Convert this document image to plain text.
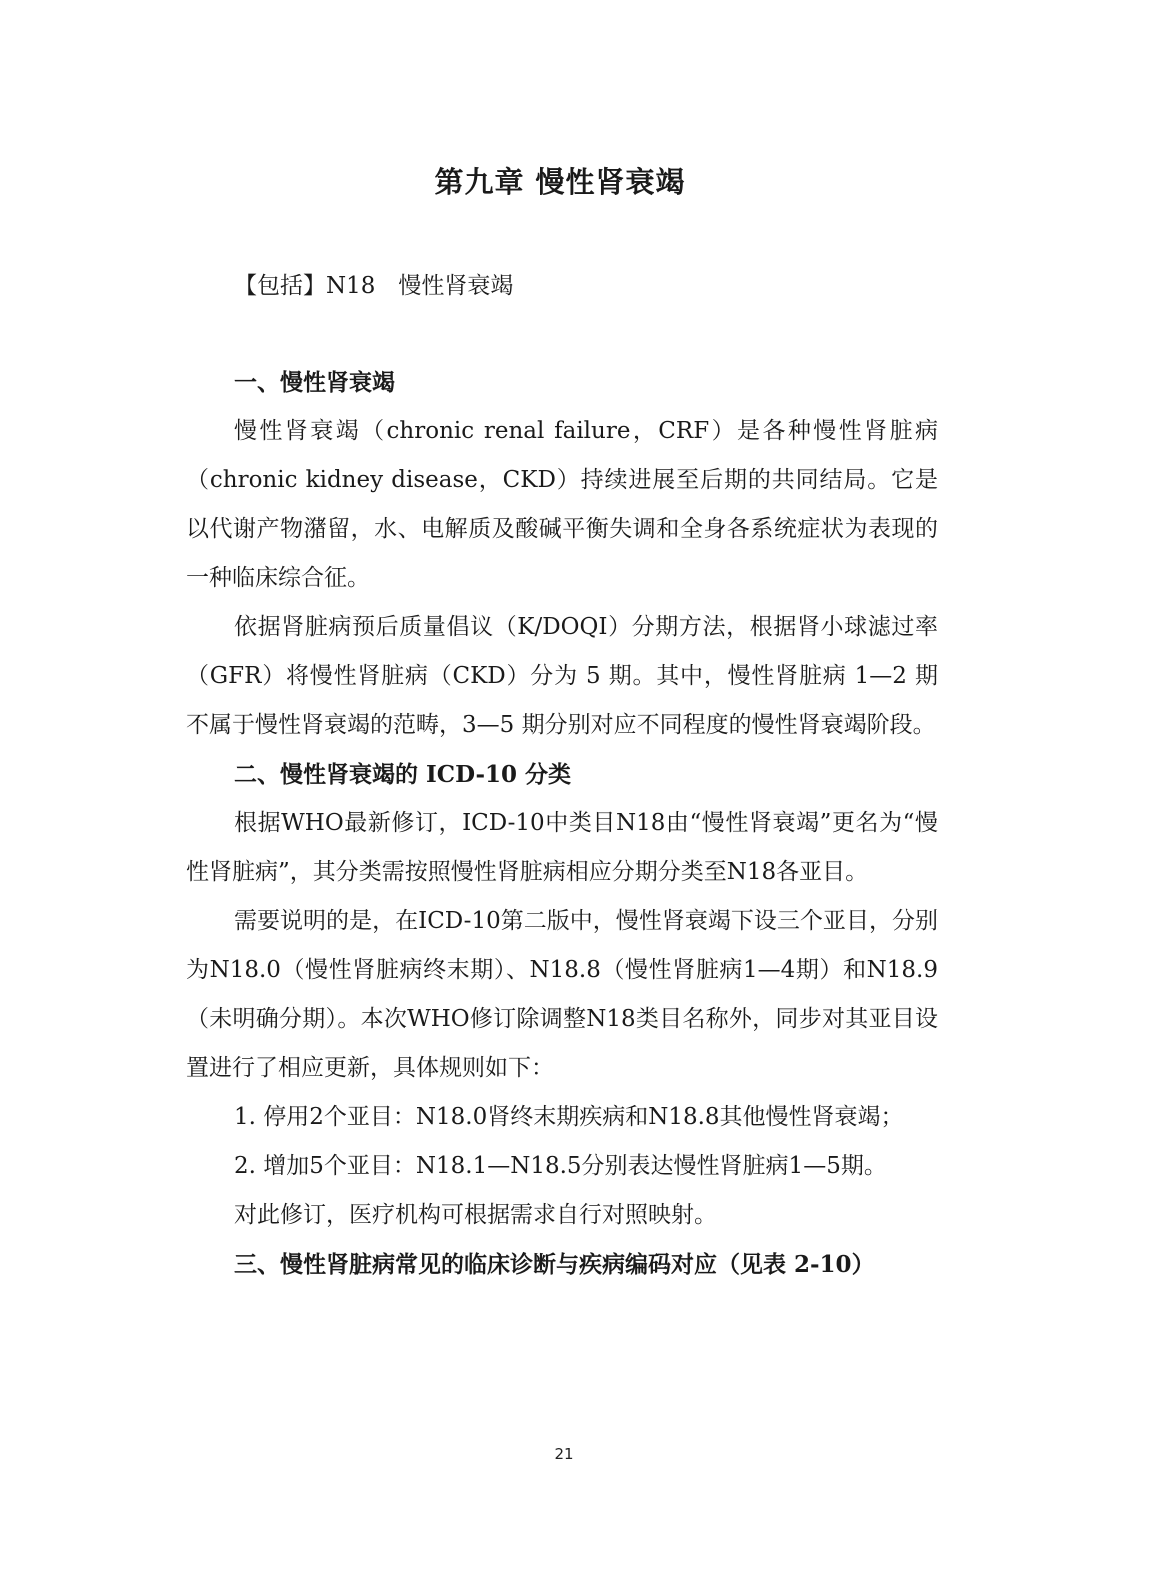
第九章 慢性肾衰竭
【包括】N18　慢性肾衰竭

一、慢性肾衰竭

慢性肾衰竭（chronic renal failure，CRF）是各种慢性肾脏病（chronic kidney disease，CKD）持续进展至后期的共同结局。它是以代谢产物潴留，水、电解质及酸碱平衡失调和全身各系统症状为表现的一种临床综合征。

依据肾脏病预后质量倡议（K/DOQI）分期方法，根据肾小球滤过率（GFR）将慢性肾脏病（CKD）分为 5 期。其中，慢性肾脏病 1—2 期不属于慢性肾衰竭的范畴，3—5 期分别对应不同程度的慢性肾衰竭阶段。

二、慢性肾衰竭的 ICD-10 分类

根据WHO最新修订，ICD-10中类目N18由“慢性肾衰竭”更名为“慢性肾脏病”，其分类需按照慢性肾脏病相应分期分类至N18各亚目。

需要说明的是，在ICD-10第二版中，慢性肾衰竭下设三个亚目，分别为N18.0（慢性肾脏病终末期）、N18.8（慢性肾脏病1—4期）和N18.9（未明确分期）。本次WHO修订除调整N18类目名称外，同步对其亚目设置进行了相应更新，具体规则如下：

1. 停用2个亚目：N18.0肾终末期疾病和N18.8其他慢性肾衰竭；

2. 增加5个亚目：N18.1—N18.5分别表达慢性肾脏病1—5期。

对此修订，医疗机构可根据需求自行对照映射。

三、慢性肾脏病常见的临床诊断与疾病编码对应（见表 2-10）

21
